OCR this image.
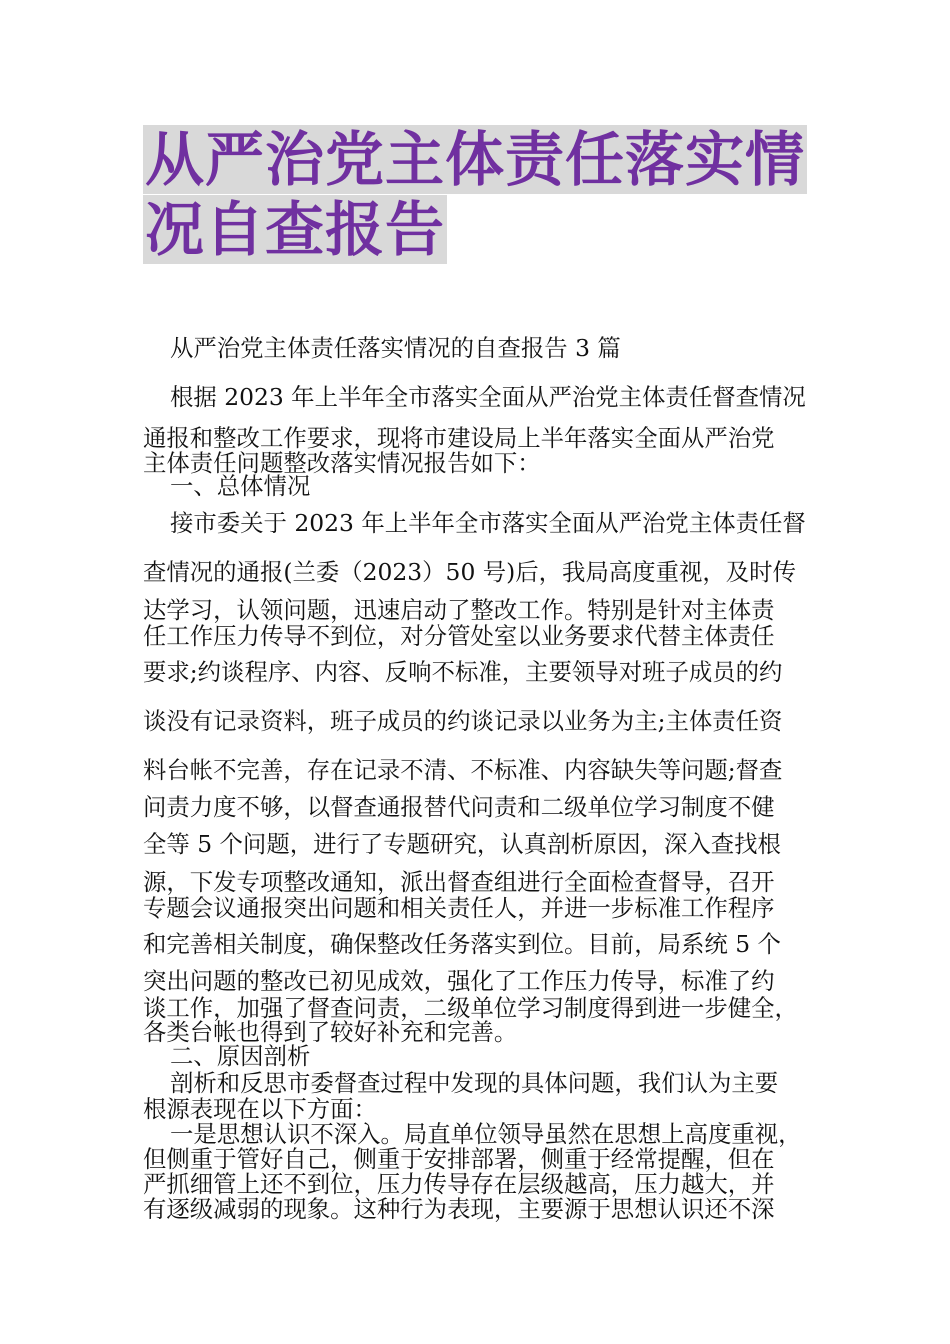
从严治党主体责任落实情
况自查报告
从严治党主体责任落实情况的自查报告 3 篇
根据 2023 年上半年全市落实全面从严治党主体责任督查情况
通报和整改工作要求，现将市建设局上半年落实全面从严治党
主体责任问题整改落实情况报告如下：
一、总体情况
接市委关于 2023 年上半年全市落实全面从严治党主体责任督
查情况的通报(兰委（2023）50 号)后，我局高度重视，及时传
达学习，认领问题，迅速启动了整改工作。特别是针对主体责
任工作压力传导不到位，对分管处室以业务要求代替主体责任
要求;约谈程序、内容、反响不标准，主要领导对班子成员的约
谈没有记录资料，班子成员的约谈记录以业务为主;主体责任资
料台帐不完善，存在记录不清、不标准、内容缺失等问题;督查
问责力度不够，以督查通报替代问责和二级单位学习制度不健
全等 5 个问题，进行了专题研究，认真剖析原因，深入查找根
源，下发专项整改通知，派出督查组进行全面检查督导，召开
专题会议通报突出问题和相关责任人，并进一步标准工作程序
和完善相关制度，确保整改任务落实到位。目前，局系统 5 个
突出问题的整改已初见成效，强化了工作压力传导，标准了约
谈工作，加强了督查问责，二级单位学习制度得到进一步健全，
各类台帐也得到了较好补充和完善。
二、原因剖析
剖析和反思市委督查过程中发现的具体问题，我们认为主要
根源表现在以下方面：
一是思想认识不深入。局直单位领导虽然在思想上高度重视，
但侧重于管好自己，侧重于安排部署，侧重于经常提醒，但在
严抓细管上还不到位，压力传导存在层级越高，压力越大，并
有逐级减弱的现象。这种行为表现，主要源于思想认识还不深
